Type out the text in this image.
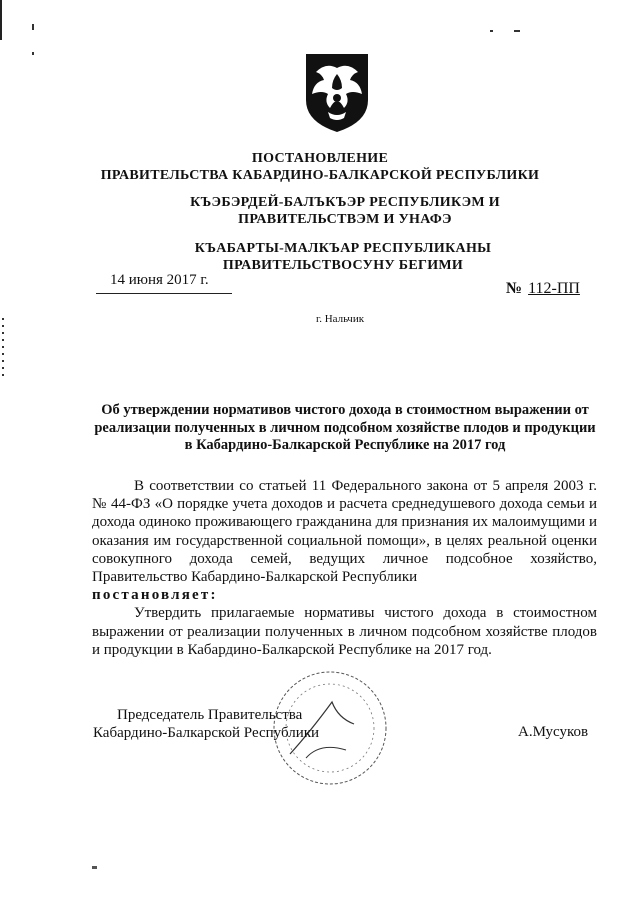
ПОСТАНОВЛЕНИЕ
ПРАВИТЕЛЬСТВА КАБАРДИНО-БАЛКАРСКОЙ РЕСПУБЛИКИ
КЪЭБЭРДЕЙ-БАЛЪКЪЭР РЕСПУБЛИКЭМ И ПРАВИТЕЛЬСТВЭМ И УНАФЭ
КЪАБАРТЫ-МАЛКЪАР РЕСПУБЛИКАНЫ ПРАВИТЕЛЬСТВОСУНУ БЕГИМИ
14 июня 2017 г.	№ 112-ПП
г. Нальчик
Об утверждении нормативов чистого дохода в стоимостном выражении от реализации полученных в личном подсобном хозяйстве плодов и продукции в Кабардино-Балкарской Республике на 2017 год

В соответствии со статьей 11 Федерального закона от 5 апреля 2003 г. № 44-ФЗ «О порядке учета доходов и расчета среднедушевого дохода семьи и дохода одиноко проживающего гражданина для признания их малоимущими и оказания им государственной социальной помощи», в целях реальной оценки совокупного дохода семей, ведущих личное подсобное хозяйство, Правительство Кабардино-Балкарской Республики

постановляет:

Утвердить прилагаемые нормативы чистого дохода в стоимостном выражении от реализации полученных в личном подсобном хозяйстве плодов и продукции в Кабардино-Балкарской Республике на 2017 год.

Председатель Правительства
Кабардино-Балкарской Республики	А.Мусуков
